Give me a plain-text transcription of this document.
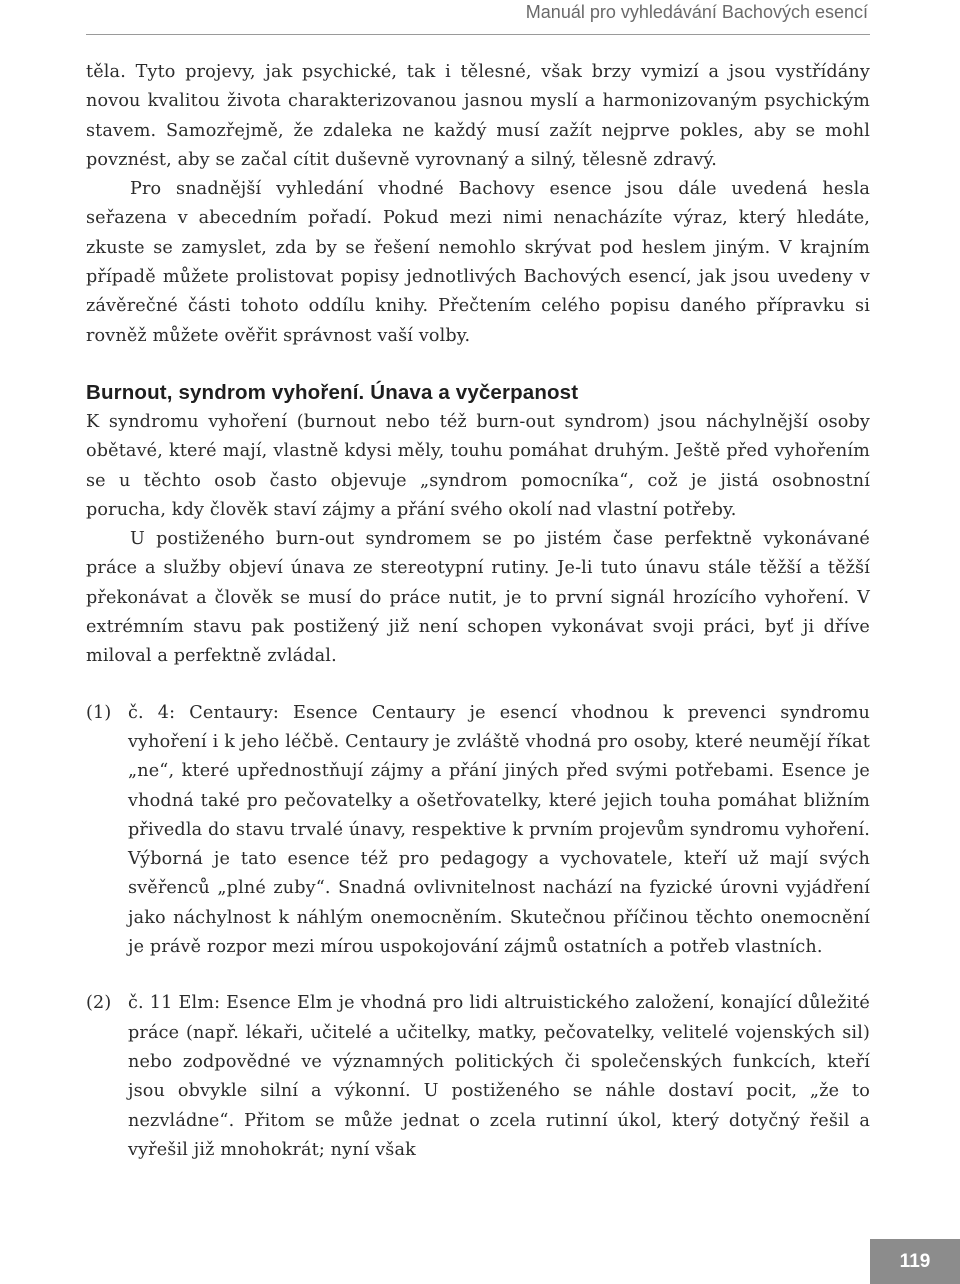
Manuál pro vyhledávání Bachových esencí

těla. Tyto projevy, jak psychické, tak i tělesné, však brzy vymizí a jsou vystřídány novou kvalitou života charakterizovanou jasnou myslí a harmonizovaným psychickým stavem. Samozřejmě, že zdaleka ne každý musí zažít nejprve pokles, aby se mohl povznést, aby se začal cítit duševně vyrovnaný a silný, tělesně zdravý.

Pro snadnější vyhledání vhodné Bachovy esence jsou dále uvedená hesla seřazena v abecedním pořadí. Pokud mezi nimi nenacházíte výraz, který hledáte, zkuste se zamyslet, zda by se řešení nemohlo skrývat pod heslem jiným. V krajním případě můžete prolistovat popisy jednotlivých Bachových esencí, jak jsou uvedeny v závěrečné části tohoto oddílu knihy. Přečtením celého popisu daného přípravku si rovněž můžete ověřit správnost vaší volby.

Burnout, syndrom vyhoření. Únava a vyčerpanost

K syndromu vyhoření (burnout nebo též burn-out syndrom) jsou náchylnější osoby obětavé, které mají, vlastně kdysi měly, touhu pomáhat druhým. Ještě před vyhořením se u těchto osob často objevuje „syndrom pomocníka“, což je jistá osobnostní porucha, kdy člověk staví zájmy a přání svého okolí nad vlastní potřeby.

U postiženého burn-out syndromem se po jistém čase perfektně vykonávané práce a služby objeví únava ze stereotypní rutiny. Je-li tuto únavu stále těžší a těžší překonávat a člověk se musí do práce nutit, je to první signál hrozícího vyhoření. V extrémním stavu pak postižený již není schopen vykonávat svoji práci, byť ji dříve miloval a perfektně zvládal.

(1) č. 4: Centaury: Esence Centaury je esencí vhodnou k prevenci syndromu vyhoření i k jeho léčbě. Centaury je zvláště vhodná pro osoby, které neumějí říkat „ne“, které upřednostňují zájmy a přání jiných před svými potřebami. Esence je vhodná také pro pečovatelky a ošetřovatelky, které jejich touha pomáhat bližním přivedla do stavu trvalé únavy, respektive k prvním projevům syndromu vyhoření. Výborná je tato esence též pro pedagogy a vychovatele, kteří už mají svých svěřenců „plné zuby“. Snadná ovlivnitelnost nachází na fyzické úrovni vyjádření jako náchylnost k náhlým onemocněním. Skutečnou příčinou těchto onemocnění je právě rozpor mezi mírou uspokojování zájmů ostatních a potřeb vlastních.
(2) č. 11 Elm: Esence Elm je vhodná pro lidi altruistického založení, konající důležité práce (např. lékaři, učitelé a učitelky, matky, pečovatelky, velitelé vojenských sil) nebo zodpovědné ve významných politických či společenských funkcích, kteří jsou obvykle silní a výkonní. U postiženého se náhle dostaví pocit, „že to nezvládne“. Přitom se může jednat o zcela rutinní úkol, který dotyčný řešil a vyřešil již mnohokrát; nyní však
119
